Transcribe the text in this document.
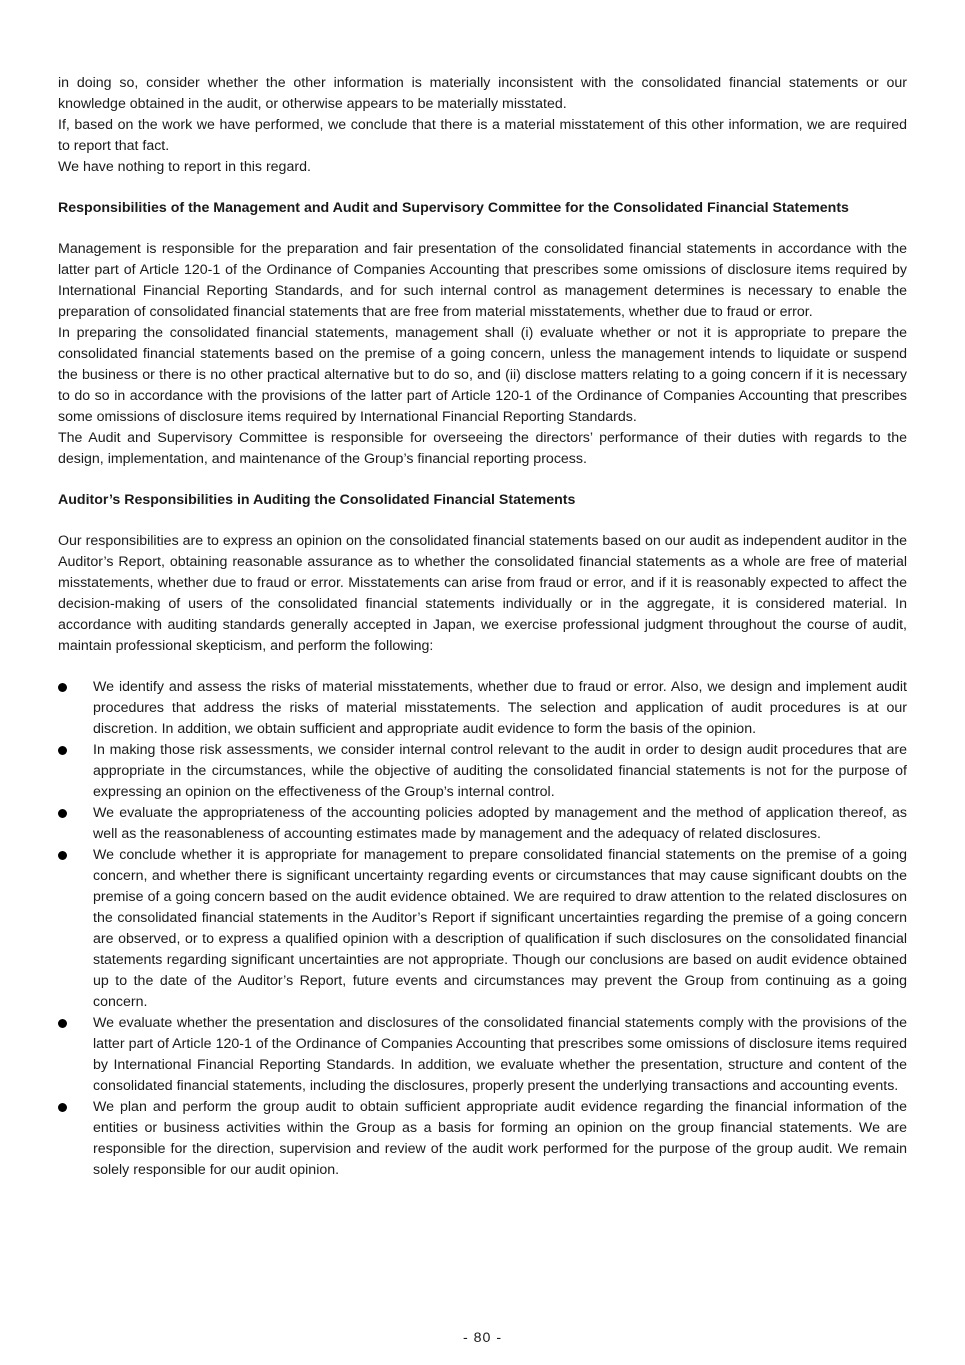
in doing so, consider whether the other information is materially inconsistent with the consolidated financial statements or our knowledge obtained in the audit, or otherwise appears to be materially misstated.

If, based on the work we have performed, we conclude that there is a material misstatement of this other information, we are required to report that fact.

We have nothing to report in this regard.

Responsibilities of the Management and Audit and Supervisory Committee for the Consolidated Financial Statements

Management is responsible for the preparation and fair presentation of the consolidated financial statements in accordance with the latter part of Article 120-1 of the Ordinance of Companies Accounting that prescribes some omissions of disclosure items required by International Financial Reporting Standards, and for such internal control as management determines is necessary to enable the preparation of consolidated financial statements that are free from material misstatements, whether due to fraud or error.

In preparing the consolidated financial statements, management shall (i) evaluate whether or not it is appropriate to prepare the consolidated financial statements based on the premise of a going concern, unless the management intends to liquidate or suspend the business or there is no other practical alternative but to do so, and (ii) disclose matters relating to a going concern if it is necessary to do so in accordance with the provisions of the latter part of Article 120-1 of the Ordinance of Companies Accounting that prescribes some omissions of disclosure items required by International Financial Reporting Standards.

The Audit and Supervisory Committee is responsible for overseeing the directors’ performance of their duties with regards to the design, implementation, and maintenance of the Group’s financial reporting process.

Auditor’s Responsibilities in Auditing the Consolidated Financial Statements

Our responsibilities are to express an opinion on the consolidated financial statements based on our audit as independent auditor in the Auditor’s Report, obtaining reasonable assurance as to whether the consolidated financial statements as a whole are free of material misstatements, whether due to fraud or error. Misstatements can arise from fraud or error, and if it is reasonably expected to affect the decision-making of users of the consolidated financial statements individually or in the aggregate, it is considered material. In accordance with auditing standards generally accepted in Japan, we exercise professional judgment throughout the course of audit, maintain professional skepticism, and perform the following:

We identify and assess the risks of material misstatements, whether due to fraud or error. Also, we design and implement audit procedures that address the risks of material misstatements. The selection and application of audit procedures is at our discretion. In addition, we obtain sufficient and appropriate audit evidence to form the basis of the opinion.
In making those risk assessments, we consider internal control relevant to the audit in order to design audit procedures that are appropriate in the circumstances, while the objective of auditing the consolidated financial statements is not for the purpose of expressing an opinion on the effectiveness of the Group’s internal control.
We evaluate the appropriateness of the accounting policies adopted by management and the method of application thereof, as well as the reasonableness of accounting estimates made by management and the adequacy of related disclosures.
We conclude whether it is appropriate for management to prepare consolidated financial statements on the premise of a going concern, and whether there is significant uncertainty regarding events or circumstances that may cause significant doubts on the premise of a going concern based on the audit evidence obtained. We are required to draw attention to the related disclosures on the consolidated financial statements in the Auditor’s Report if significant uncertainties regarding the premise of a going concern are observed, or to express a qualified opinion with a description of qualification if such disclosures on the consolidated financial statements regarding significant uncertainties are not appropriate. Though our conclusions are based on audit evidence obtained up to the date of the Auditor’s Report, future events and circumstances may prevent the Group from continuing as a going concern.
We evaluate whether the presentation and disclosures of the consolidated financial statements comply with the provisions of the latter part of Article 120-1 of the Ordinance of Companies Accounting that prescribes some omissions of disclosure items required by International Financial Reporting Standards. In addition, we evaluate whether the presentation, structure and content of the consolidated financial statements, including the disclosures, properly present the underlying transactions and accounting events.
We plan and perform the group audit to obtain sufficient appropriate audit evidence regarding the financial information of the entities or business activities within the Group as a basis for forming an opinion on the group financial statements. We are responsible for the direction, supervision and review of the audit work performed for the purpose of the group audit. We remain solely responsible for our audit opinion.
- 80 -
